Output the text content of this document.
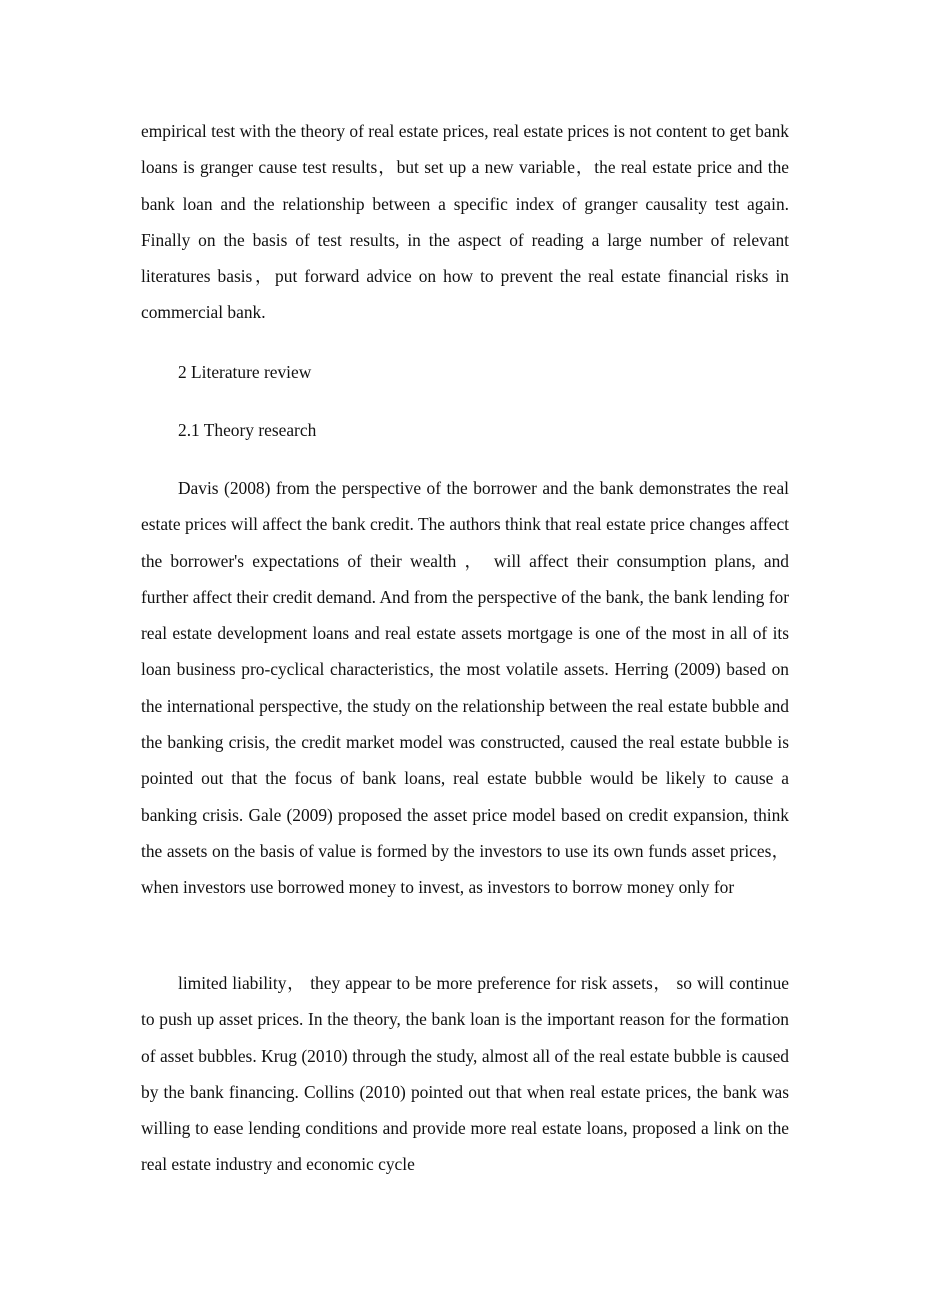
empirical test with the theory of real estate prices, real estate prices is not content to get bank loans is granger cause test results，but set up a new variable，the real estate price and the bank loan and the relationship between a specific index of granger causality test again. Finally on the basis of test results, in the aspect of reading a large number of relevant literatures basis，put forward advice on how to prevent the real estate financial risks in commercial bank.

2 Literature review

2.1 Theory research

Davis (2008) from the perspective of the borrower and the bank demonstrates the real estate prices will affect the bank credit. The authors think that real estate price changes affect the borrower's expectations of their wealth ， will affect their consumption plans, and further affect their credit demand. And from the perspective of the bank, the bank lending for real estate development loans and real estate assets mortgage is one of the most in all of its loan business pro-cyclical characteristics, the most volatile assets. Herring (2009) based on the international perspective, the study on the relationship between the real estate bubble and the banking crisis, the credit market model was constructed, caused the real estate bubble is pointed out that the focus of bank loans, real estate bubble would be likely to cause a banking crisis. Gale (2009) proposed the asset price model based on credit expansion, think the assets on the basis of value is formed by the investors to use its own funds asset prices，when investors use borrowed money to invest, as investors to borrow money only for

limited liability， they appear to be more preference for risk assets， so will continue to push up asset prices. In the theory, the bank loan is the important reason for the formation of asset bubbles. Krug (2010) through the study, almost all of the real estate bubble is caused by the bank financing. Collins (2010) pointed out that when real estate prices, the bank was willing to ease lending conditions and provide more real estate loans, proposed a link on the real estate industry and economic cycle
